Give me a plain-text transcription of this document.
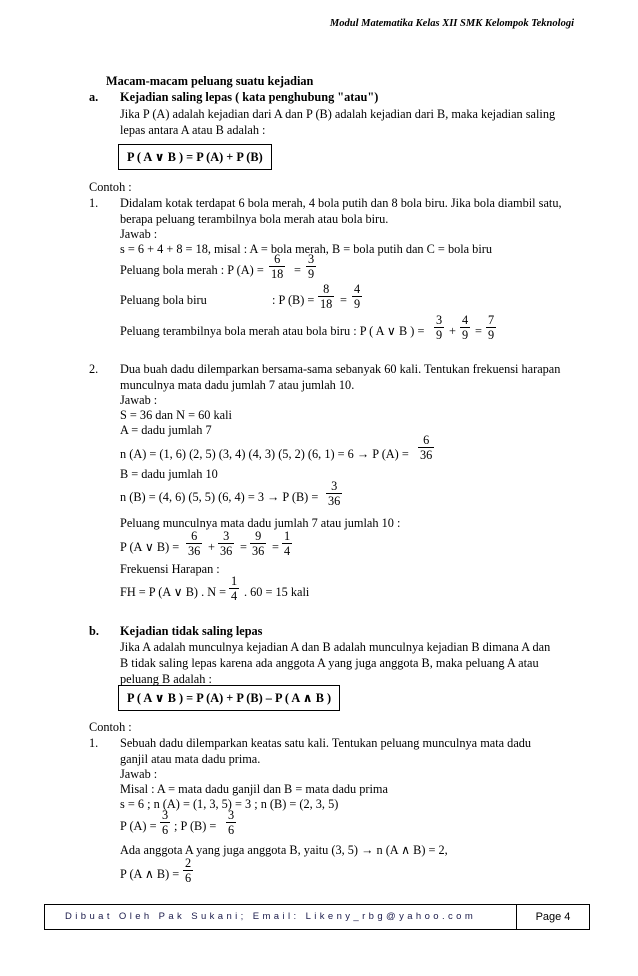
Modul Matematika Kelas XII SMK Kelompok Teknologi
Macam-macam peluang suatu kejadian
a. Kejadian saling lepas ( kata penghubung "atau")
Jika P (A) adalah kejadian dari A dan P (B) adalah kejadian dari B, maka kejadian saling
lepas antara A atau B adalah :
P ( A ∨ B ) = P (A) + P (B)
Contoh :
1. Didalam kotak terdapat 6 bola merah, 4 bola putih dan 8 bola biru. Jika bola diambil satu,
berapa peluang terambilnya bola merah atau bola biru.
Jawab :
s = 6 + 4 + 8 = 18, misal : A = bola merah, B = bola putih dan C = bola biru
Peluang bola merah : P $(A) = \frac{6}{18} = \frac{3}{9}$
Peluang bola biru	: P $(B) = \frac{8}{18} = \frac{4}{9}$
Peluang terambilnya bola merah atau bola biru : P ( A ∨ B ) = $\frac{3}{9} + \frac{4}{9} = \frac{7}{9}$
2. Dua buah dadu dilemparkan bersama-sama sebanyak 60 kali. Tentukan frekuensi harapan
munculnya mata dadu jumlah 7 atau jumlah 10.
Jawab :
S = 36 dan N = 60 kali
A = dadu jumlah 7
n (A) = (1, 6) (2, 5) (3, 4) (4, 3) (5, 2) (6, 1) = 6 → P $(A) = \frac{6}{36}$
B = dadu jumlah 10
n (B) = (4, 6) (5, 5) (6, 4) = 3 → P $(B) = \frac{3}{36}$
Peluang munculnya mata dadu jumlah 7 atau jumlah 10 :
P (A ∨ $B) = \frac{6}{36} + \frac{3}{36} = \frac{9}{36} = \frac{1}{4}$
Frekuensi Harapan :
FH = P (A ∨ B) . $N = \frac{1}{4}$ . 60 = 15 kali
b. Kejadian tidak saling lepas
Jika A adalah munculnya kejadian A dan B adalah munculnya kejadian B dimana A dan
B tidak saling lepas karena ada anggota A yang juga anggota B, maka peluang A atau
peluang B adalah :
P ( A ∨ B ) = P (A) + P (B) – P ( A ∧ B )
Contoh :
1. Sebuah dadu dilemparkan keatas satu kali. Tentukan peluang munculnya mata dadu
ganjil atau mata dadu prima.
Jawab :
Misal : A = mata dadu ganjil dan B = mata dadu prima
s = 6 ; n (A) = (1, 3, 5) = 3 ; n (B) = (2, 3, 5)
P $(A) = \frac{3}{6}$ ; P $(B) = \frac{3}{6}$
Ada anggota A yang juga anggota B, yaitu (3, 5) → n (A ∧ B) = 2,
P (A ∧ $B) = \frac{2}{6}$
Dibuat Oleh Pak Sukani; Email: Likeny_rbg@yahoo.com	Page 4
